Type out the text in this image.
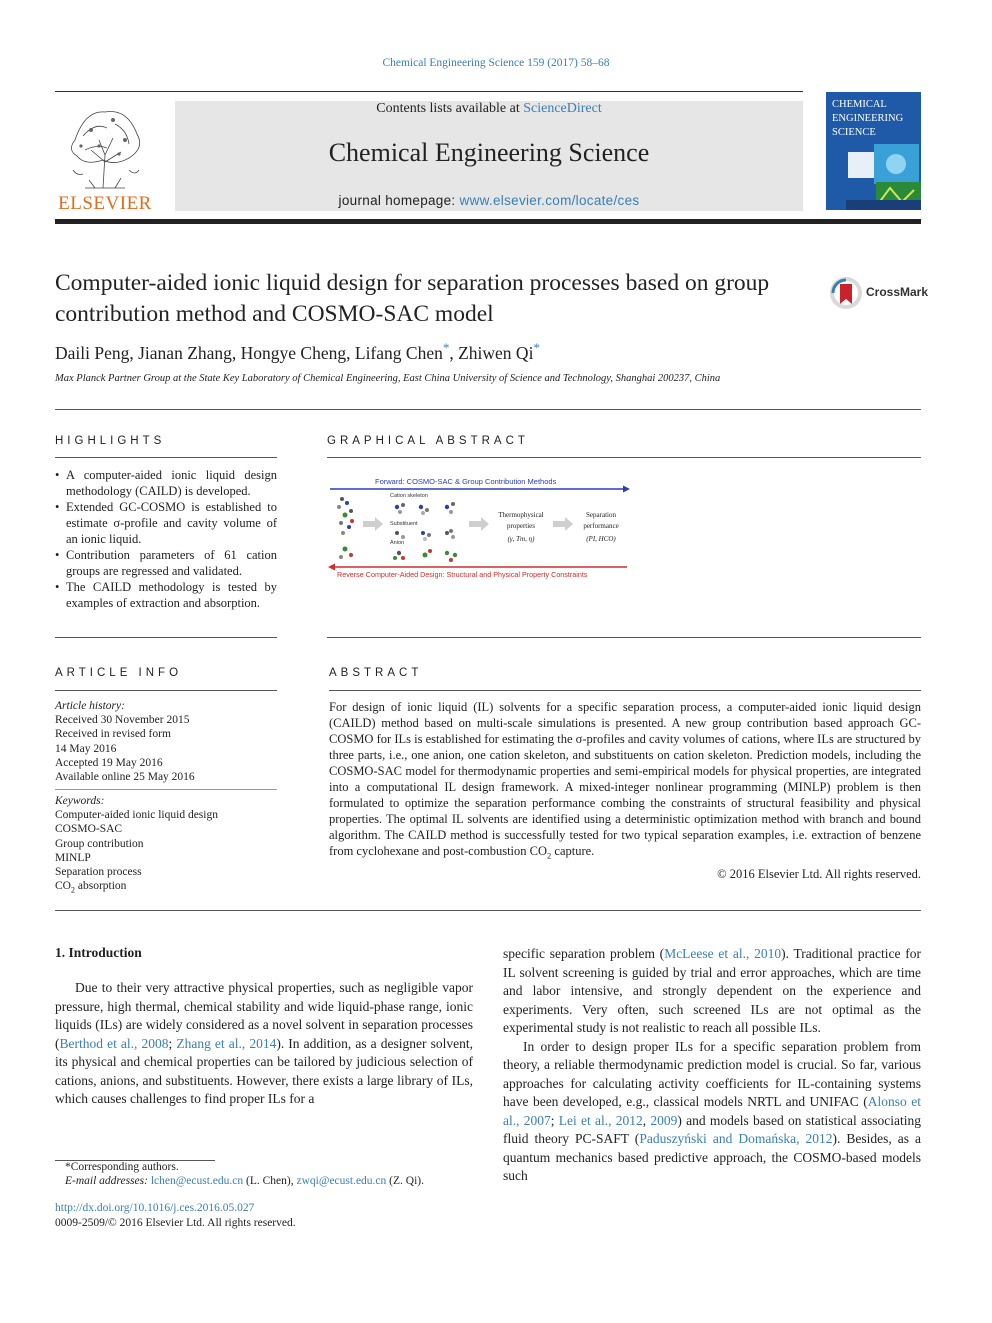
Chemical Engineering Science 159 (2017) 58–68
ELSEVIER
Contents lists available at ScienceDirect
Chemical Engineering Science
journal homepage: www.elsevier.com/locate/ces
CHEMICAL
ENGINEERING
SCIENCE
Computer-aided ionic liquid design for separation processes based on group contribution method and COSMO-SAC model
CrossMark
Daili Peng, Jianan Zhang, Hongye Cheng, Lifang Chen*, Zhiwen Qi*
Max Planck Partner Group at the State Key Laboratory of Chemical Engineering, East China University of Science and Technology, Shanghai 200237, China
HIGHLIGHTS

• A computer-aided ionic liquid design methodology (CAILD) is developed.

• Extended GC-COSMO is established to estimate σ-profile and cavity volume of an ionic liquid.

• Contribution parameters of 61 cation groups are regressed and validated.

• The CAILD methodology is tested by examples of extraction and absorption.

GRAPHICAL ABSTRACT
Forward: COSMO-SAC & Group Contribution Methods
Cation skeleton
Substituent
Anion
Thermophysical
properties
(γ, Tm, η)
Separation
performance
(PI, HCO)
Reverse Computer-Aided Design: Structural and Physical Property Constraints
ARTICLE INFO
Article history:
Received 30 November 2015
Received in revised form
14 May 2016
Accepted 19 May 2016
Available online 25 May 2016
Keywords:
Computer-aided ionic liquid design
COSMO-SAC
Group contribution
MINLP
Separation process
$CO_2$ absorption
ABSTRACT
For design of ionic liquid (IL) solvents for a specific separation process, a computer-aided ionic liquid design (CAILD) method based on multi-scale simulations is presented. A new group contribution based approach GC-COSMO for ILs is established for estimating the σ-profiles and cavity volumes of cations, where ILs are structured by three parts, i.e., one anion, one cation skeleton, and substituents on cation skeleton. Prediction models, including the COSMO-SAC model for thermodynamic properties and semi-empirical models for physical properties, are integrated into a computational IL design framework. A mixed-integer nonlinear programming (MINLP) problem is then formulated to optimize the separation performance combing the constraints of structural feasibility and physical properties. The optimal IL solvents are identified using a deterministic optimization method with branch and bound algorithm. The CAILD method is successfully tested for two typical separation examples, i.e. extraction of benzene from cyclohexane and post-combustion $CO_2$ capture.
© 2016 Elsevier Ltd. All rights reserved.
1. Introduction

Due to their very attractive physical properties, such as negligible vapor pressure, high thermal, chemical stability and wide liquid-phase range, ionic liquids (ILs) are widely considered as a novel solvent in separation processes (Berthod et al., 2008; Zhang et al., 2014). In addition, as a designer solvent, its physical and chemical properties can be tailored by judicious selection of cations, anions, and substituents. However, there exists a large library of ILs, which causes challenges to find proper ILs for a

specific separation problem (McLeese et al., 2010). Traditional practice for IL solvent screening is guided by trial and error approaches, which are time and labor intensive, and strongly dependent on the experience and experiments. Very often, such screened ILs are not optimal as the experimental study is not realistic to reach all possible ILs.

In order to design proper ILs for a specific separation problem from theory, a reliable thermodynamic prediction model is crucial. So far, various approaches for calculating activity coefficients for IL-containing systems have been developed, e.g., classical models NRTL and UNIFAC (Alonso et al., 2007; Lei et al., 2012, 2009) and models based on statistical associating fluid theory PC-SAFT (Paduszyński and Domańska, 2012). Besides, as a quantum mechanics based predictive approach, the COSMO-based models such

*Corresponding authors.
E-mail addresses: lchen@ecust.edu.cn (L. Chen), zwqi@ecust.edu.cn (Z. Qi).
http://dx.doi.org/10.1016/j.ces.2016.05.027
0009-2509/© 2016 Elsevier Ltd. All rights reserved.
